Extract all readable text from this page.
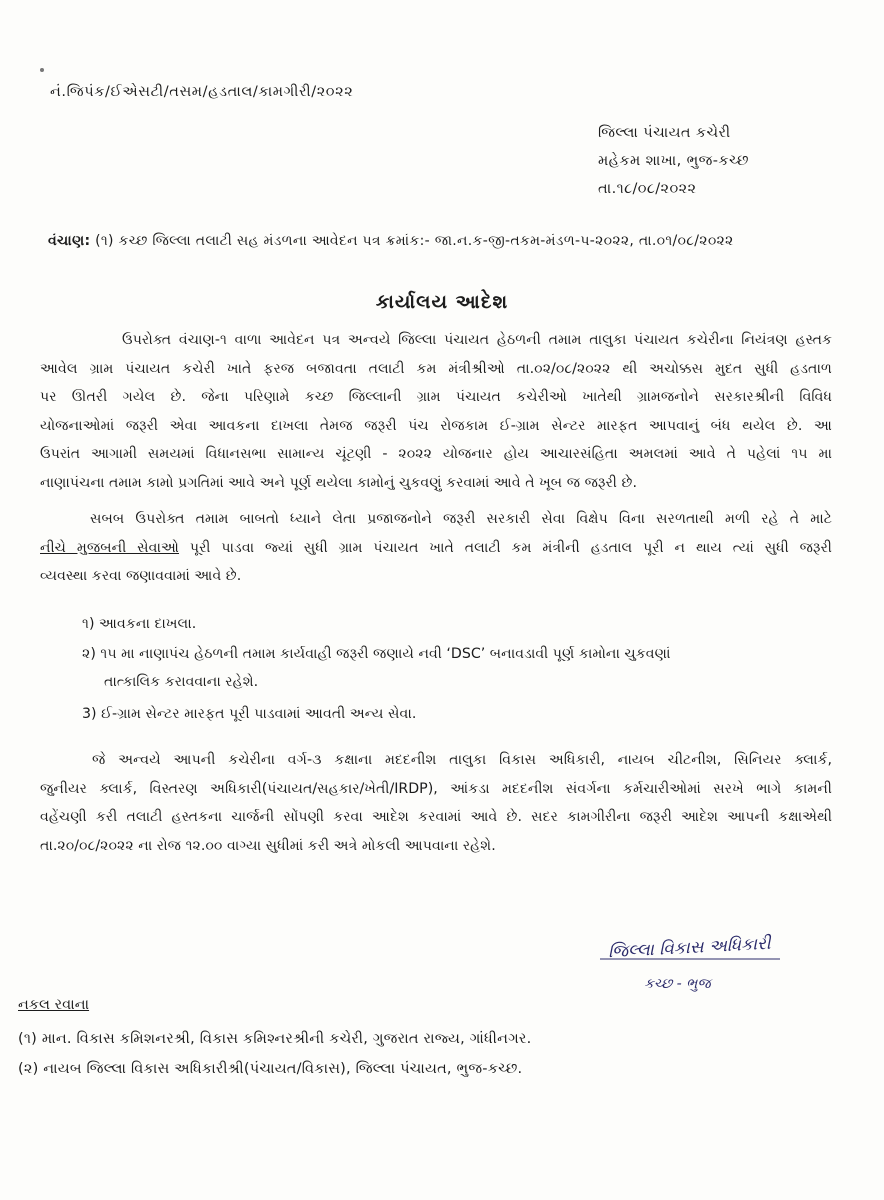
નં.જિપંક/ઈએસટી/તસમ/હડતાલ/કામગીરી/૨૦૨૨
જિલ્લા પંચાયત કચેરી
મહેકમ શાખા, ભુજ-કચ્છ
તા.૧૮/૦૮/૨૦૨૨
વંચાણ: (૧) કચ્છ જિલ્લા તલાટી સહ મંડળના આવેદન પત્ર ક્રમાંક:- જા.ન.ક-જી-તકમ-મંડળ-પ-૨૦૨૨, તા.૦૧/૦૮/૨૦૨૨
કાર્યાલય આદેશ
ઉપરોક્ત વંચાણ-૧ વાળા આવેદન પત્ર અન્વયે જિલ્લા પંચાયત હેઠળની તમામ તાલુકા પંચાયત કચેરીના નિયંત્રણ હસ્તક
આવેલ ગ્રામ પંચાયત કચેરી ખાતે ફરજ બજાવતા તલાટી કમ મંત્રીશ્રીઓ તા.૦૨/૦૮/૨૦૨૨ થી અચોક્કસ મુદત સુધી હડતાળ
પર ઊતરી ગયેલ છે. જેના પરિણામે કચ્છ જિલ્લાની ગ્રામ પંચાયત કચેરીઓ ખાતેથી ગ્રામજનોને સરકારશ્રીની વિવિધ
યોજનાઓમાં જરૂરી એવા આવકના દાખલા તેમજ જરૂરી પંચ રોજકામ ઈ-ગ્રામ સેન્ટર મારફત આપવાનું બંધ થયેલ છે. આ
ઉપરાંત આગામી સમયમાં વિધાનસભા સામાન્ય ચૂંટણી - ૨૦૨૨ યોજનાર હોય આચારસંહિતા અમલમાં આવે તે પહેલાં ૧૫ મા
નાણાપંચના તમામ કામો પ્રગતિમાં આવે અને પૂર્ણ થયેલા કામોનું ચુકવણું કરવામાં આવે તે ખૂબ જ જરૂરી છે.
સબબ ઉપરોક્ત તમામ બાબતો ધ્યાને લેતા પ્રજાજનોને જરૂરી સરકારી સેવા વિક્ષેપ વિના સરળતાથી મળી રહે તે માટે
નીચે મુજબની સેવાઓ પૂરી પાડવા જ્યાં સુધી ગ્રામ પંચાયત ખાતે તલાટી કમ મંત્રીની હડતાલ પૂરી ન થાય ત્યાં સુધી જરૂરી
વ્યવસ્થા કરવા જણાવવામાં આવે છે.
૧) આવકના દાખલા.
૨) ૧૫ મા નાણાપંચ હેઠળની તમામ કાર્યવાહી જરૂરી જણાયે નવી ‘DSC’ બનાવડાવી પૂર્ણ કામોના ચુકવણાં
તાત્કાલિક કરાવવાના રહેશે.
3) ઈ-ગ્રામ સેન્ટર મારફત પૂરી પાડવામાં આવતી અન્ય સેવા.
જે અન્વયે આપની કચેરીના વર્ગ-૩ કક્ષાના મદદનીશ તાલુકા વિકાસ અધિકારી, નાયબ ચીટનીશ, સિનિયર ક્લાર્ક,
જુનીયર ક્લાર્ક, વિસ્તરણ અધિકારી(પંચાયત/સહકાર/ખેતી/IRDP), આંકડા મદદનીશ સંવર્ગના કર્મચારીઓમાં સરખે ભાગે કામની
વહેંચણી કરી તલાટી હસ્તકના ચાર્જની સોંપણી કરવા આદેશ કરવામાં આવે છે. સદર કામગીરીના જરૂરી આદેશ આપની કક્ષાએથી
તા.૨૦/૦૮/૨૦૨૨ ના રોજ ૧૨.૦૦ વાગ્યા સુધીમાં કરી અત્રે મોકલી આપવાના રહેશે.
જિલ્લા વિકાસ અધિકારી
કચ્છ - ભુજ
નકલ રવાના
(૧) માન. વિકાસ કમિશનરશ્રી, વિકાસ કમિશ્નરશ્રીની કચેરી, ગુજરાત રાજ્ય, ગાંધીનગર.
(૨) નાયબ જિલ્લા વિકાસ અધિકારીશ્રી(પંચાયત/વિકાસ), જિલ્લા પંચાયત, ભુજ-કચ્છ.
